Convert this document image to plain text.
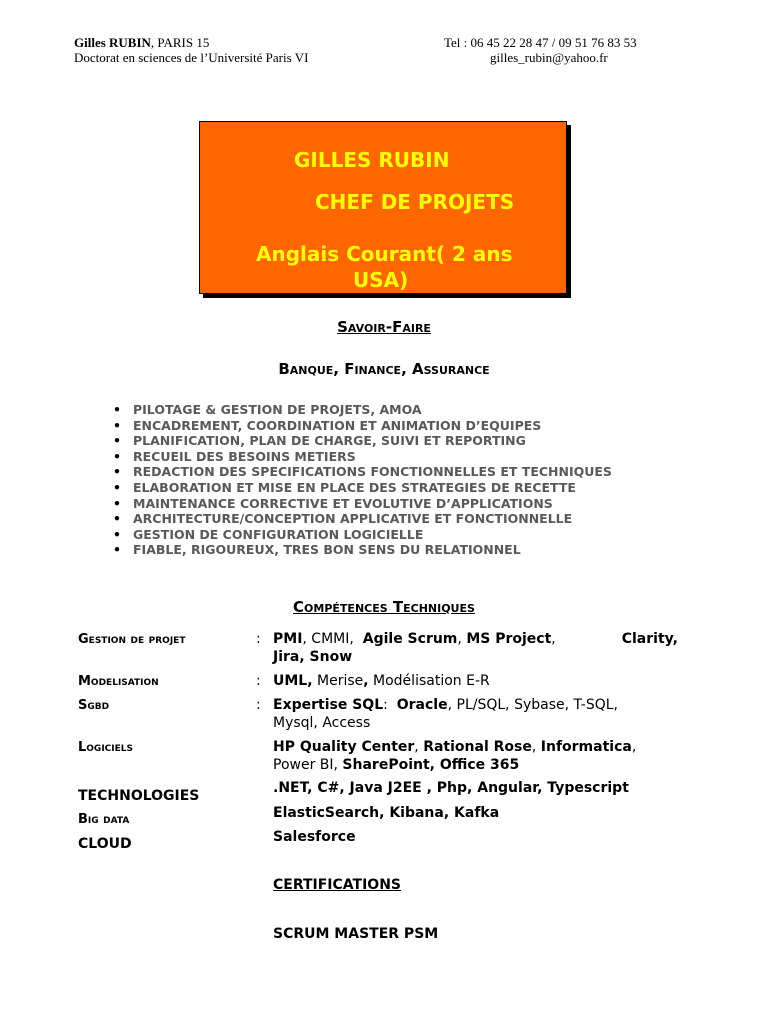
Gilles RUBIN, PARIS 15
Doctorat en sciences de l’Université Paris VI
Tel : 06 45 22 28 47 / 09 51 76 83 53
gilles_rubin@yahoo.fr
GILLES RUBIN
CHEF DE PROJETS
Anglais Courant( 2 ans
USA)
Savoir-Faire
Banque, Finance, Assurance
• PILOTAGE & GESTION DE PROJETS, AMOA
• ENCADREMENT, COORDINATION ET ANIMATION D’EQUIPES
• PLANIFICATION, PLAN DE CHARGE, SUIVI ET REPORTING
• RECUEIL DES BESOINS METIERS
• REDACTION DES SPECIFICATIONS FONCTIONNELLES ET TECHNIQUES
• ELABORATION ET MISE EN PLACE DES STRATEGIES DE RECETTE
• MAINTENANCE CORRECTIVE ET EVOLUTIVE D’APPLICATIONS
• ARCHITECTURE/CONCEPTION APPLICATIVE ET FONCTIONNELLE
• GESTION DE CONFIGURATION LOGICIELLE
• FIABLE, RIGOUREUX, TRES BON SENS DU RELATIONNEL
Compétences Techniques
Gestion de projet	: PMI, CMMI,  Agile Scrum, MS Project,	Clarity,
Jira, Snow
Modelisation	: UML, Merise, Modélisation E-R
Sgbd	: Expertise SQL:  Oracle, PL/SQL, Sybase, T-SQL,
Mysql, Access
Logiciels	HP Quality Center, Rational Rose, Informatica,
Power BI, SharePoint, Office 365
TECHNOLOGIES	.NET, C#, Java J2EE , Php, Angular, Typescript
Big data	ElasticSearch, Kibana, Kafka
CLOUD	Salesforce
CERTIFICATIONS
SCRUM MASTER PSM
